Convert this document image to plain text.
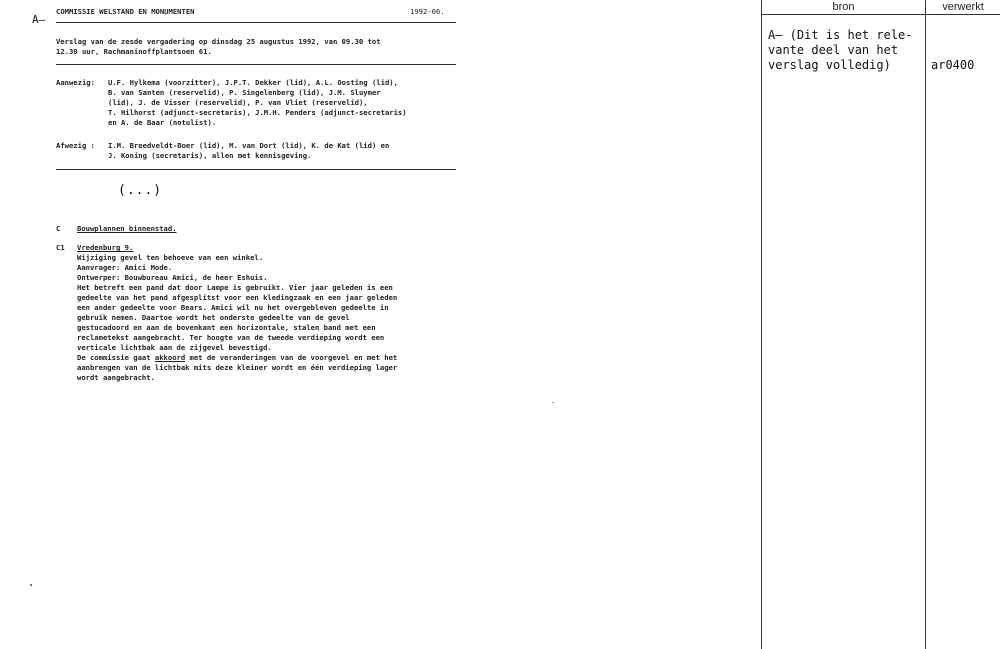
A—
COMMISSIE WELSTAND EN MONUMENTEN	1992-06.
Verslag van de zesde vergadering op dinsdag 25 augustus 1992, van 09.30 tot
12.30 uur, Rachmaninoffplantsoen 61.
Aanwezig: U.F. Hylkema (voorzitter), J.P.T. Dekker (lid), A.L. Oosting (lid),
B. van Santen (reservelid), P. Singelenberg (lid), J.M. Sluymer
(lid), J. de Visser (reservelid), P. van Vliet (reservelid),
T. Hilhorst (adjunct-secretaris), J.M.H. Penders (adjunct-secretaris)
en A. de Baar (notulist).
Afwezig : I.M. Breedveldt-Boer (lid), M. van Dort (lid), K. de Kat (lid) en
J. Koning (secretaris), allen met kennisgeving.
(...)
C Bouwplannen binnenstad.
C1 Vredenburg 9.
Wijziging gevel ten behoeve van een winkel.
Aanvrager: Amici Mode.
Ontwerper: Bouwbureau Amici, de heer Eshuis.
Het betreft een pand dat door Lampe is gebruikt. Vier jaar geleden is een
gedeelte van het pand afgesplitst voor een kledingzaak en een jaar geleden
een ander gedeelte voor Bears. Amici wil nu het overgebleven gedeelte in
gebruik nemen. Daartoe wordt het onderste gedeelte van de gevel
gestucadoord en aan de bovenkant een horizontale, stalen band met een
reclametekst aangebracht. Ter hoogte van de tweede verdieping wordt een
verticale lichtbak aan de zijgevel bevestigd.
De commissie gaat akkoord met de veranderingen van de voorgevel en met het
aanbrengen van de lichtbak mits deze kleiner wordt en één verdieping lager
wordt aangebracht.
bron	verwerkt
A— (Dit is het rele-
vante deel van het
verslag volledig)	ar0400
